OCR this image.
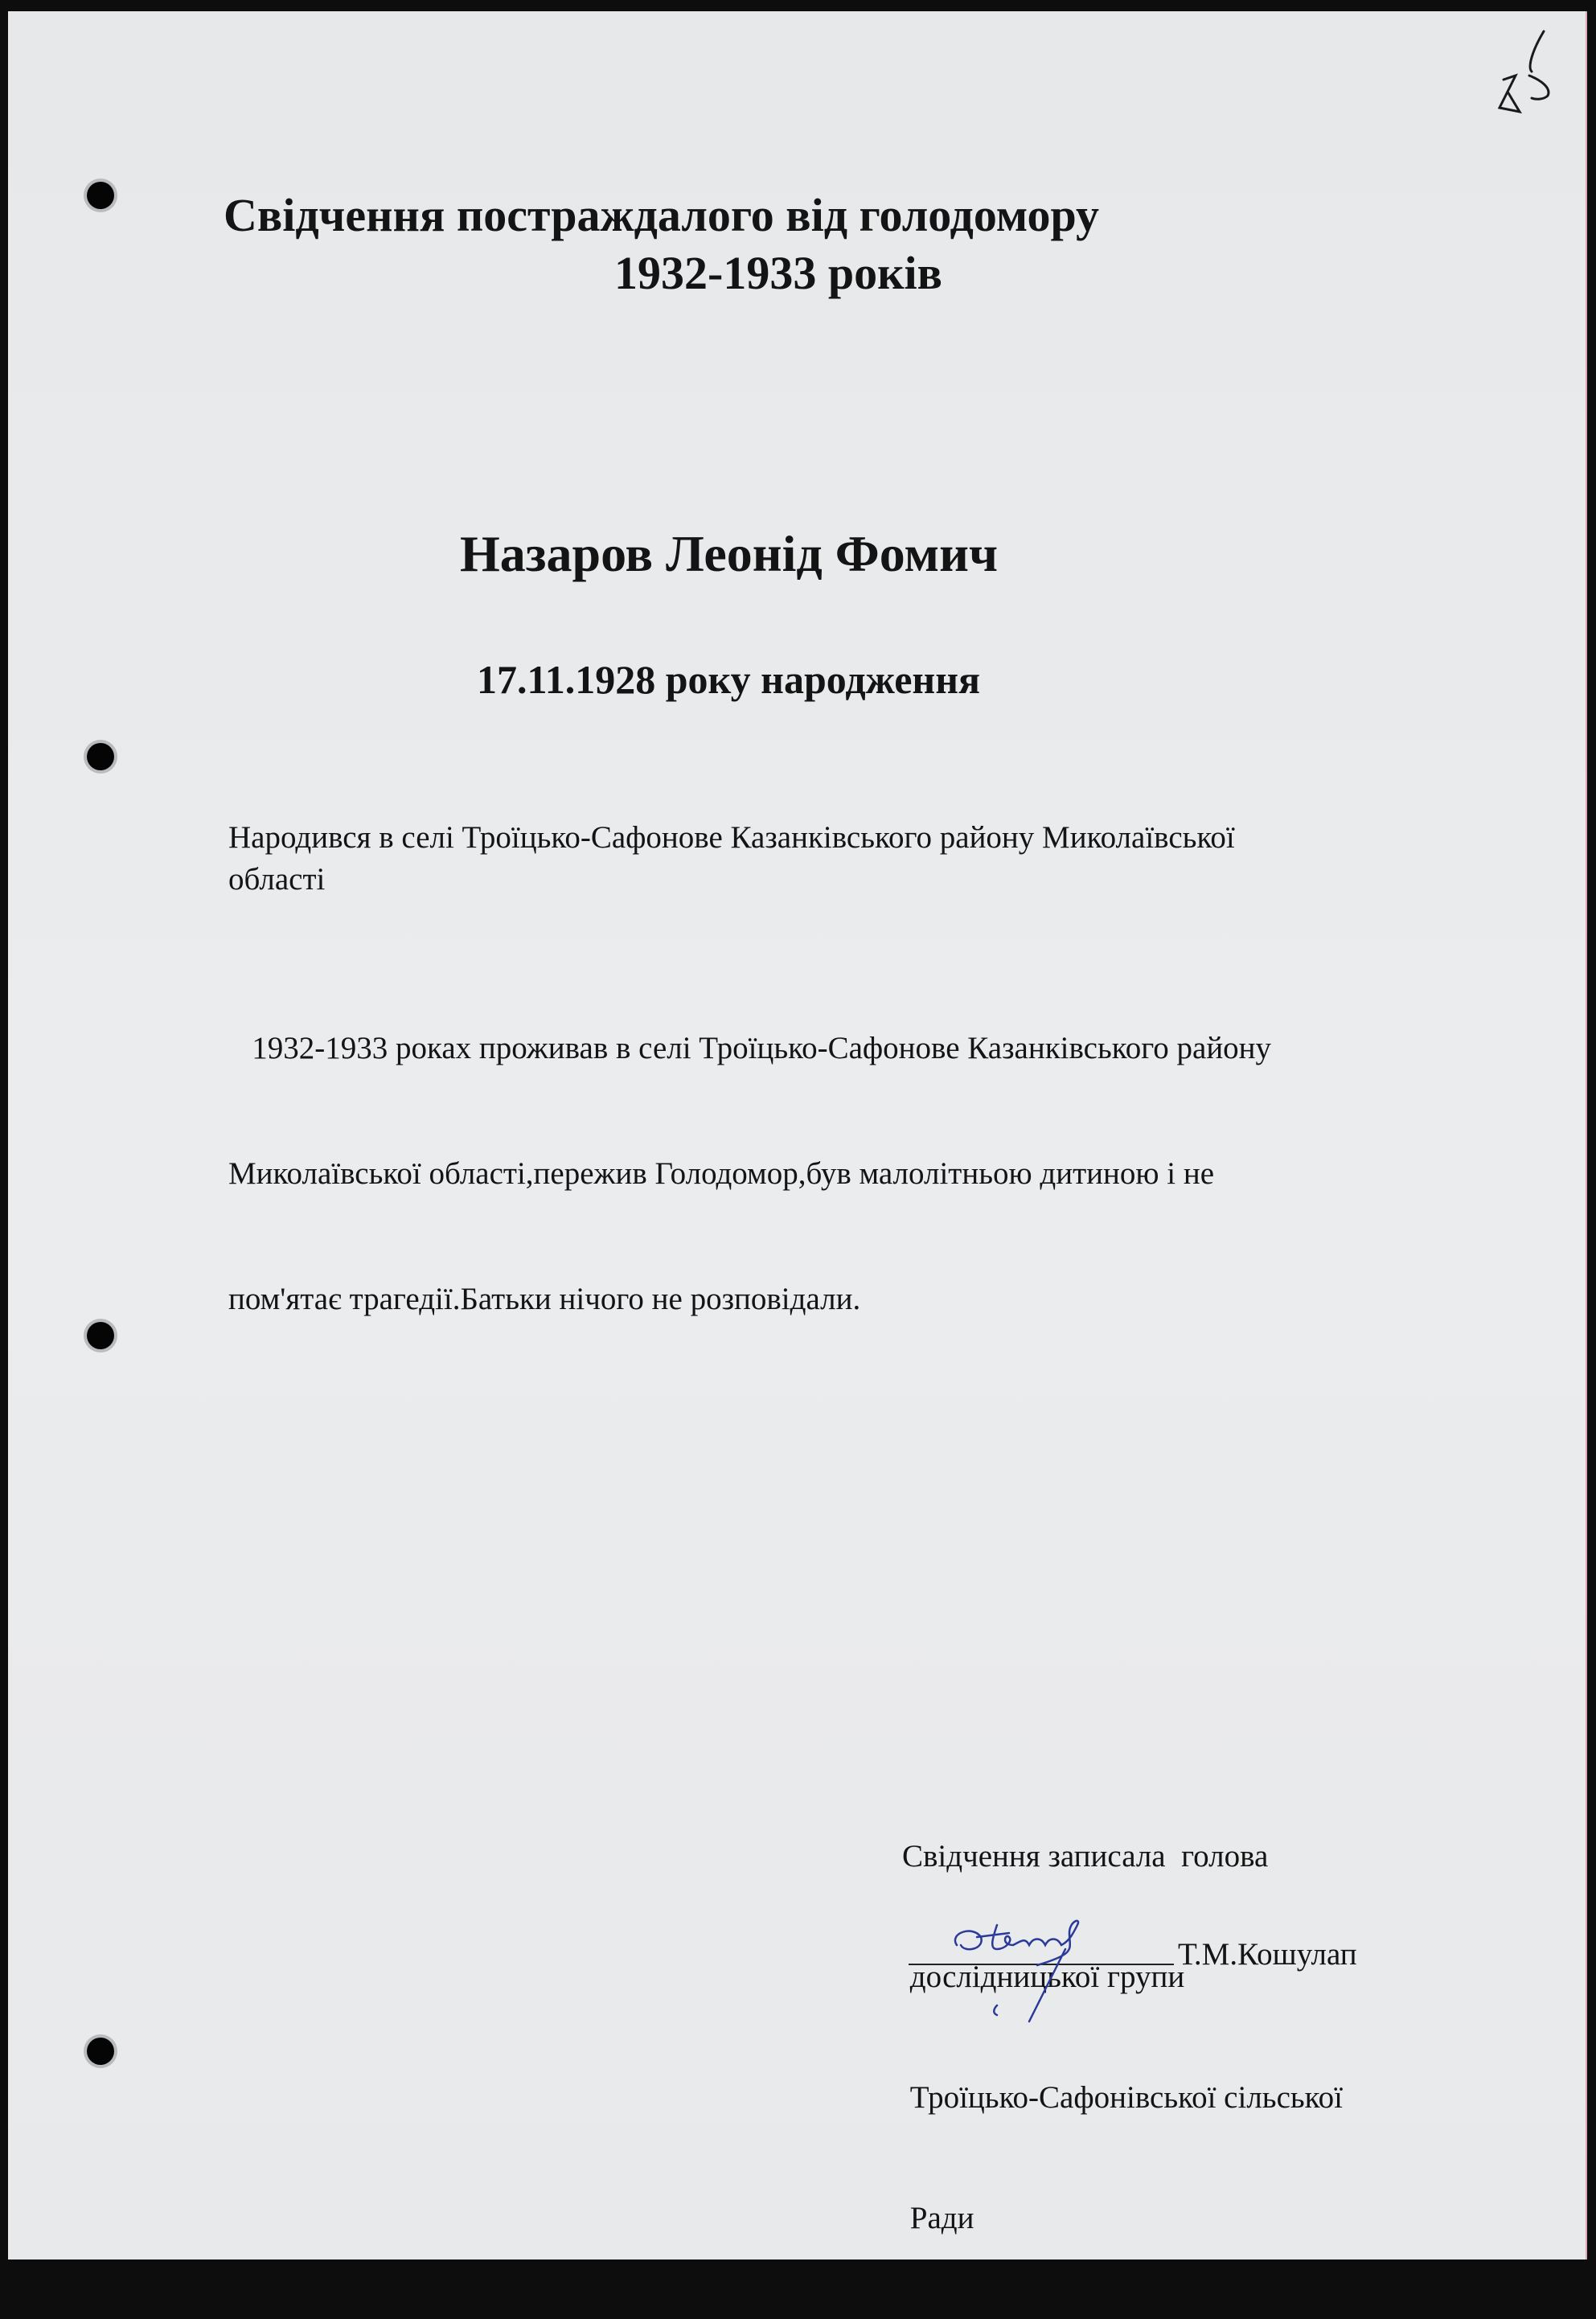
Свідчення постраждалого від голодомору
1932-1933 років
Назаров Леонід Фомич
17.11.1928 року народження
Народився в селі Троїцько-Сафонове Казанківського району Миколаївської
області

1932-1933 роках проживав в селі Троїцько-Сафонове Казанківського району

Миколаївської області,пережив Голодомор,був малолітньою дитиною і не

пом'ятає трагедії.Батьки нічого не розповідали.

Свідчення записала  голова

дослідницької групи

Троїцько-Сафонівської сільської

Ради

Т.М.Кошулап
